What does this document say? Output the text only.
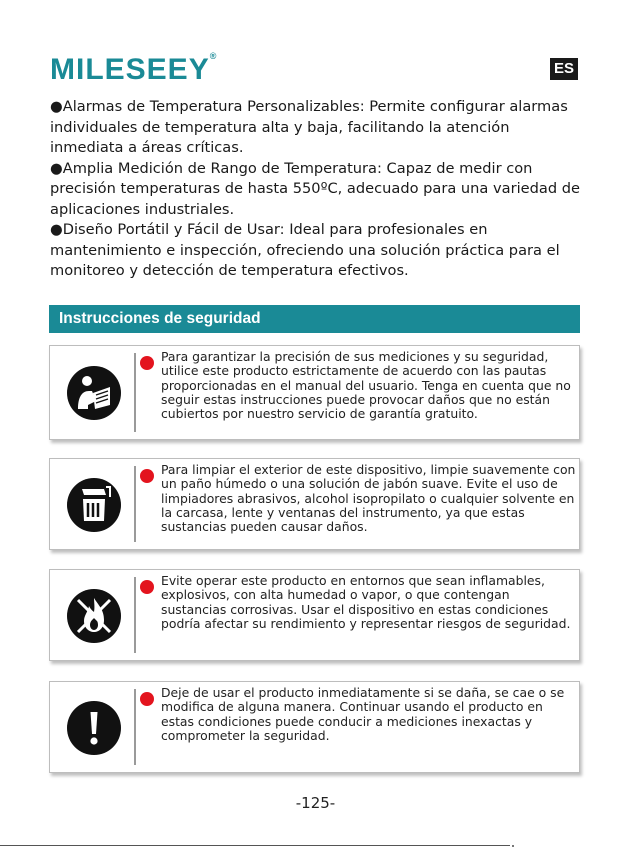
MILESEEY®
ES

●Alarmas de Temperatura Personalizables: Permite configurar alarmas individuales de temperatura alta y baja, facilitando la atención inmediata a áreas críticas.

●Amplia Medición de Rango de Temperatura: Capaz de medir con precisión temperaturas de hasta 550ºC, adecuado para una variedad de aplicaciones industriales.

●Diseño Portátil y Fácil de Usar: Ideal para profesionales en mantenimiento e inspección, ofreciendo una solución práctica para el monitoreo y detección de temperatura efectivos.

Instrucciones de seguridad
Para garantizar la precisión de sus mediciones y su seguridad, utilice este producto estrictamente de acuerdo con las pautas proporcionadas en el manual del usuario. Tenga en cuenta que no seguir estas instrucciones puede provocar daños que no están cubiertos por nuestro servicio de garantía gratuito.
Para limpiar el exterior de este dispositivo, limpie suavemente con un paño húmedo o una solución de jabón suave. Evite el uso de limpiadores abrasivos, alcohol isopropilato o cualquier solvente en la carcasa, lente y ventanas del instrumento, ya que estas sustancias pueden causar daños.
Evite operar este producto en entornos que sean inflamables, explosivos, con alta humedad o vapor, o que contengan sustancias corrosivas. Usar el dispositivo en estas condiciones podría afectar su rendimiento y representar riesgos de seguridad.
Deje de usar el producto inmediatamente si se daña, se cae o se modifica de alguna manera. Continuar usando el producto en estas condiciones puede conducir a mediciones inexactas y comprometer la seguridad.
-125-
